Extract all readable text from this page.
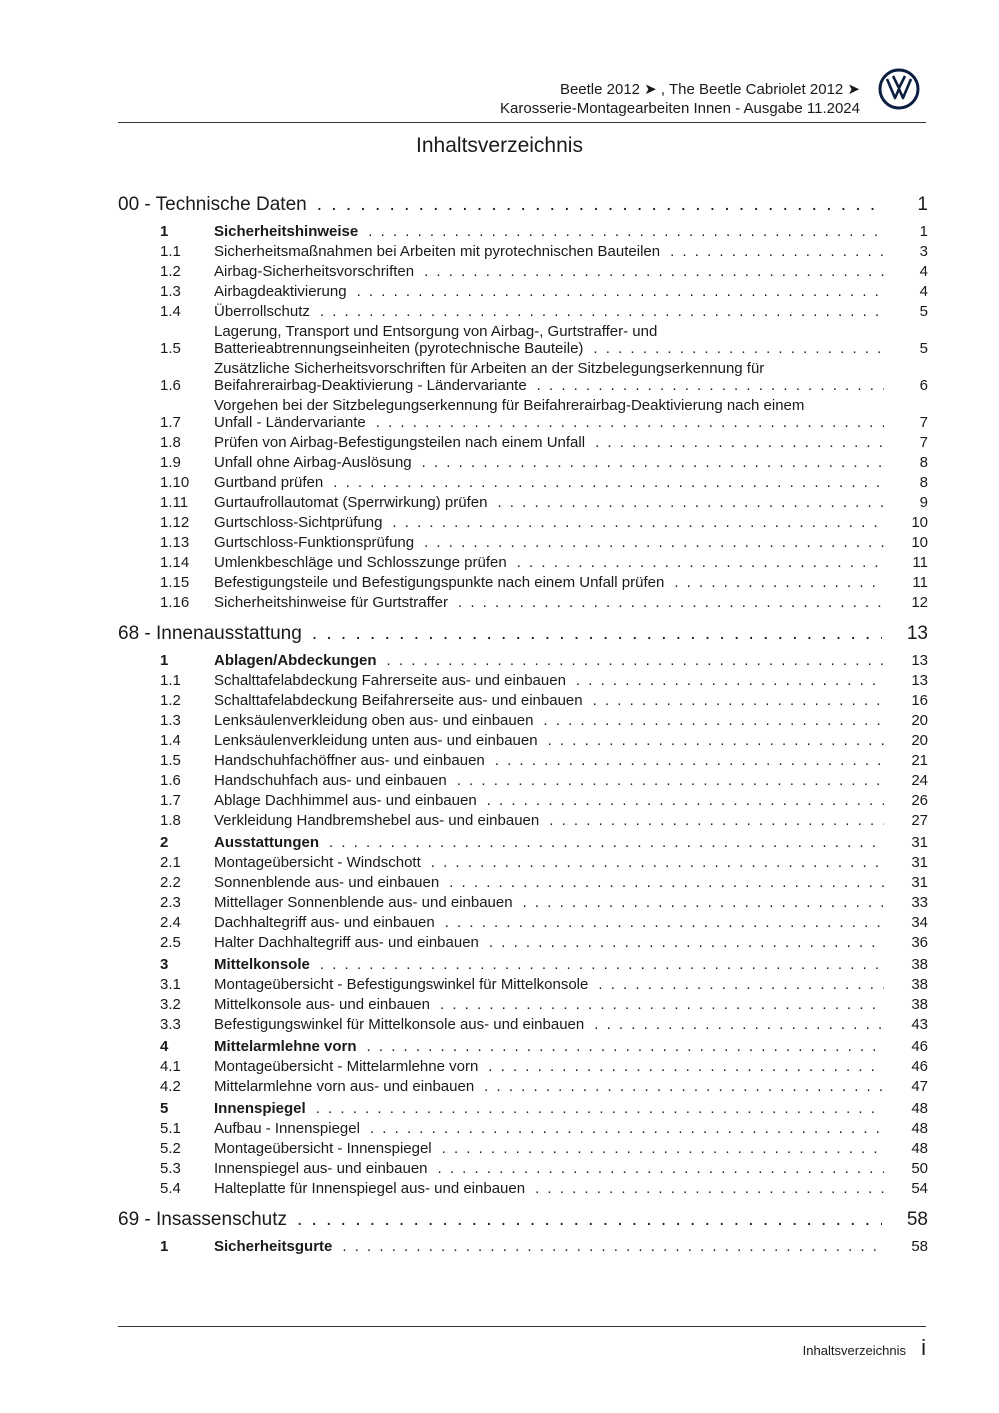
Beetle 2012 ➤ , The Beetle Cabriolet 2012 ➤
Karosserie-Montagearbeiten Innen - Ausgabe 11.2024
Inhaltsverzeichnis
00 - Technische Daten . . .	1
1	Sicherheitshinweise . . .	1
1.1	Sicherheitsmaßnahmen bei Arbeiten mit pyrotechnischen Bauteilen . . .	3
1.2	Airbag-Sicherheitsvorschriften . . .	4
1.3	Airbagdeaktivierung . . .	4
1.4	Überrollschutz . . .	5
1.5
Lagerung, Transport und Entsorgung von Airbag-, Gurtstraffer- und
Batterieabtrennungseinheiten (pyrotechnische Bauteile) . . .	5
1.6
Zusätzliche Sicherheitsvorschriften für Arbeiten an der Sitzbelegungserkennung für
Beifahrerairbag-Deaktivierung - Ländervariante . . .	6
1.7
Vorgehen bei der Sitzbelegungserkennung für Beifahrerairbag-Deaktivierung nach einem
Unfall - Ländervariante . . .	7
1.8	Prüfen von Airbag-Befestigungsteilen nach einem Unfall . . .	7
1.9	Unfall ohne Airbag-Auslösung . . .	8
1.10	Gurtband prüfen . . .	8
1.11	Gurtaufrollautomat (Sperrwirkung) prüfen . . .	9
1.12	Gurtschloss-Sichtprüfung . . .	10
1.13	Gurtschloss-Funktionsprüfung . . .	10
1.14	Umlenkbeschläge und Schlosszunge prüfen . . .	11
1.15	Befestigungsteile und Befestigungspunkte nach einem Unfall prüfen . . .	11
1.16	Sicherheitshinweise für Gurtstraffer . . .	12
68 - Innenausstattung . . .	13
1	Ablagen/Abdeckungen . . .	13
1.1	Schalttafelabdeckung Fahrerseite aus- und einbauen . . .	13
1.2	Schalttafelabdeckung Beifahrerseite aus- und einbauen . . .	16
1.3	Lenksäulenverkleidung oben aus- und einbauen . . .	20
1.4	Lenksäulenverkleidung unten aus- und einbauen . . .	20
1.5	Handschuhfachöffner aus- und einbauen . . .	21
1.6	Handschuhfach aus- und einbauen . . .	24
1.7	Ablage Dachhimmel aus- und einbauen . . .	26
1.8	Verkleidung Handbremshebel aus- und einbauen . . .	27
2	Ausstattungen . . .	31
2.1	Montageübersicht - Windschott . . .	31
2.2	Sonnenblende aus- und einbauen . . .	31
2.3	Mittellager Sonnenblende aus- und einbauen . . .	33
2.4	Dachhaltegriff aus- und einbauen . . .	34
2.5	Halter Dachhaltegriff aus- und einbauen . . .	36
3	Mittelkonsole . . .	38
3.1	Montageübersicht - Befestigungswinkel für Mittelkonsole . . .	38
3.2	Mittelkonsole aus- und einbauen . . .	38
3.3	Befestigungswinkel für Mittelkonsole aus- und einbauen . . .	43
4	Mittelarmlehne vorn . . .	46
4.1	Montageübersicht - Mittelarmlehne vorn . . .	46
4.2	Mittelarmlehne vorn aus- und einbauen . . .	47
5	Innenspiegel . . .	48
5.1	Aufbau - Innenspiegel . . .	48
5.2	Montageübersicht - Innenspiegel . . .	48
5.3	Innenspiegel aus- und einbauen . . .	50
5.4	Halteplatte für Innenspiegel aus- und einbauen . . .	54
69 - Insassenschutz . . .	58
1	Sicherheitsgurte . . .	58
Inhaltsverzeichnis i
